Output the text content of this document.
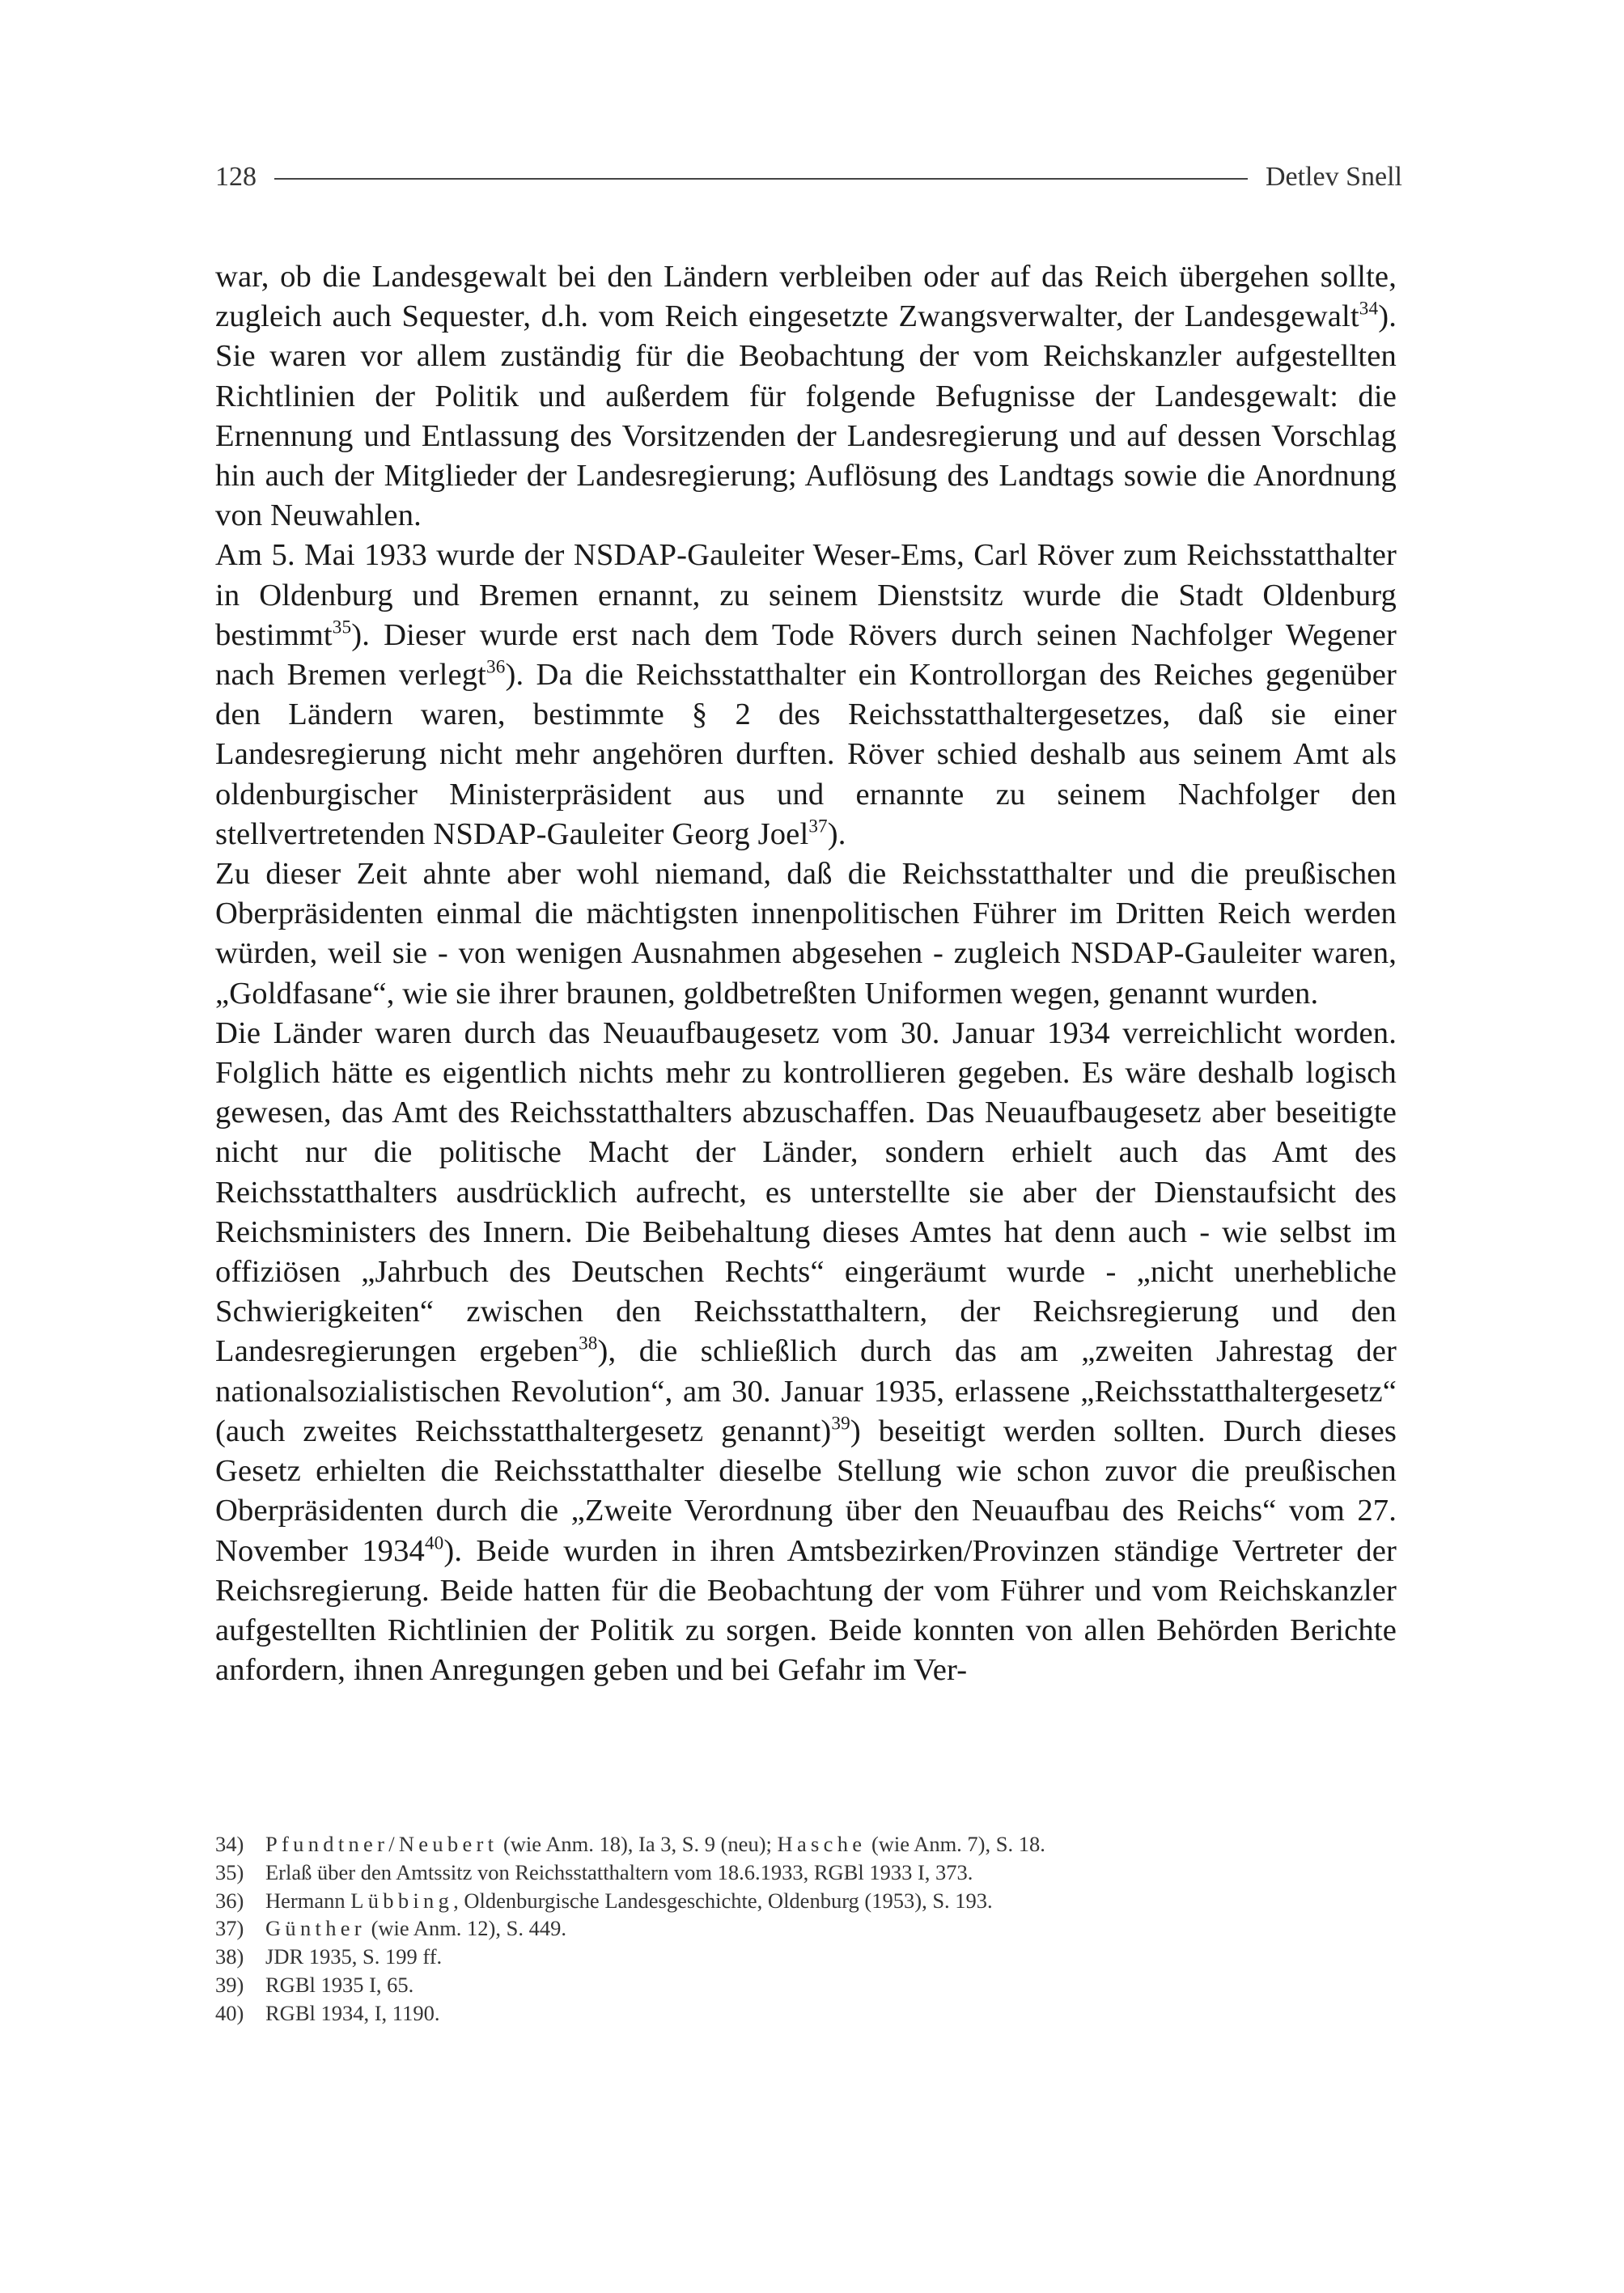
128	Detlev Snell

war, ob die Landesgewalt bei den Ländern verbleiben oder auf das Reich übergehen sollte, zugleich auch Sequester, d.h. vom Reich eingesetzte Zwangsverwalter, der Landesgewalt$^{34}$). Sie waren vor allem zuständig für die Beobachtung der vom Reichskanzler aufgestellten Richtlinien der Politik und außerdem für folgende Befugnisse der Landesgewalt: die Ernennung und Entlassung des Vorsitzenden der Landesregierung und auf dessen Vorschlag hin auch der Mitglieder der Landesregierung; Auflösung des Landtags sowie die Anordnung von Neuwahlen.

Am 5. Mai 1933 wurde der NSDAP-Gauleiter Weser-Ems, Carl Röver zum Reichsstatthalter in Oldenburg und Bremen ernannt, zu seinem Dienstsitz wurde die Stadt Oldenburg bestimmt$^{35}$). Dieser wurde erst nach dem Tode Rövers durch seinen Nachfolger Wegener nach Bremen verlegt$^{36}$). Da die Reichsstatthalter ein Kontrollorgan des Reiches gegenüber den Ländern waren, bestimmte § 2 des Reichsstatthaltergesetzes, daß sie einer Landesregierung nicht mehr angehören durften. Röver schied deshalb aus seinem Amt als oldenburgischer Ministerpräsident aus und ernannte zu seinem Nachfolger den stellvertretenden NSDAP-Gauleiter Georg Joel$^{37}$).

Zu dieser Zeit ahnte aber wohl niemand, daß die Reichsstatthalter und die preußischen Oberpräsidenten einmal die mächtigsten innenpolitischen Führer im Dritten Reich werden würden, weil sie - von wenigen Ausnahmen abgesehen - zugleich NSDAP-Gauleiter waren, „Goldfasane“, wie sie ihrer braunen, goldbetreßten Uniformen wegen, genannt wurden.

Die Länder waren durch das Neuaufbaugesetz vom 30. Januar 1934 verreichlicht worden. Folglich hätte es eigentlich nichts mehr zu kontrollieren gegeben. Es wäre deshalb logisch gewesen, das Amt des Reichsstatthalters abzuschaffen. Das Neuaufbaugesetz aber beseitigte nicht nur die politische Macht der Länder, sondern erhielt auch das Amt des Reichsstatthalters ausdrücklich aufrecht, es unterstellte sie aber der Dienstaufsicht des Reichsministers des Innern. Die Beibehaltung dieses Amtes hat denn auch - wie selbst im offiziösen „Jahrbuch des Deutschen Rechts“ eingeräumt wurde - „nicht unerhebliche Schwierigkeiten“ zwischen den Reichsstatthaltern, der Reichsregierung und den Landesregierungen ergeben$^{38}$), die schließlich durch das am „zweiten Jahrestag der nationalsozialistischen Revolution“, am 30. Januar 1935, erlassene „Reichsstatthaltergesetz“ (auch zweites Reichsstatthaltergesetz genannt)$^{39}$) beseitigt werden sollten. Durch dieses Gesetz erhielten die Reichsstatthalter dieselbe Stellung wie schon zuvor die preußischen Oberpräsidenten durch die „Zweite Verordnung über den Neuaufbau des Reichs“ vom 27. November 1934$^{40}$). Beide wurden in ihren Amtsbezirken/Provinzen ständige Vertreter der Reichsregierung. Beide hatten für die Beobachtung der vom Führer und vom Reichskanzler aufgestellten Richtlinien der Politik zu sorgen. Beide konnten von allen Behörden Berichte anfordern, ihnen Anregungen geben und bei Gefahr im Ver-

34)	Pfundtner/Neubert (wie Anm. 18), Ia 3, S. 9 (neu); Hasche (wie Anm. 7), S. 18.
35)	Erlaß über den Amtssitz von Reichsstatthaltern vom 18.6.1933, RGBl 1933 I, 373.
36)	Hermann Lübbing, Oldenburgische Landesgeschichte, Oldenburg (1953), S. 193.
37)	Günther (wie Anm. 12), S. 449.
38)	JDR 1935, S. 199 ff.
39)	RGBl 1935 I, 65.
40)	RGBl 1934, I, 1190.
